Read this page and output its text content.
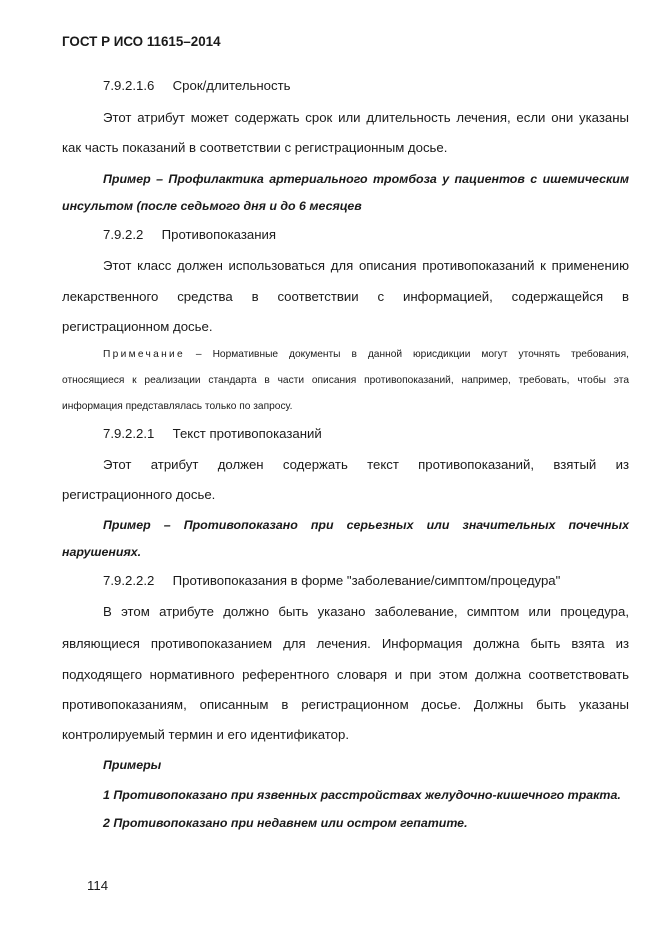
ГОСТ Р ИСО 11615–2014
7.9.2.1.6     Срок/длительность
Этот атрибут может содержать срок или длительность лечения, если они указаны
как часть показаний в соответствии с регистрационным досье.
Пример – Профилактика артериального тромбоза у пациентов с ишемическим
инсультом (после седьмого дня и до 6 месяцев
7.9.2.2     Противопоказания
Этот класс должен использоваться для описания противопоказаний к применению
лекарственного средства в соответствии с информацией, содержащейся в
регистрационном досье.
Примечание – Нормативные документы в данной юрисдикции могут уточнять требования,
относящиеся к реализации стандарта в части описания противопоказаний, например, требовать, чтобы эта
информация представлялась только по запросу.
7.9.2.2.1     Текст противопоказаний
Этот атрибут должен содержать текст противопоказаний, взятый из
регистрационного досье.
Пример – Противопоказано при серьезных или значительных почечных
нарушениях.
7.9.2.2.2     Противопоказания в форме "заболевание/симптом/процедура"
В этом атрибуте должно быть указано заболевание, симптом или процедура,
являющиеся противопоказанием для лечения. Информация должна быть взята из
подходящего нормативного референтного словаря и при этом должна соответствовать
противопоказаниям, описанным в регистрационном досье. Должны быть указаны
контролируемый термин и его идентификатор.
Примеры
1 Противопоказано при язвенных расстройствах желудочно-кишечного тракта.
2 Противопоказано при недавнем или остром гепатите.
114
